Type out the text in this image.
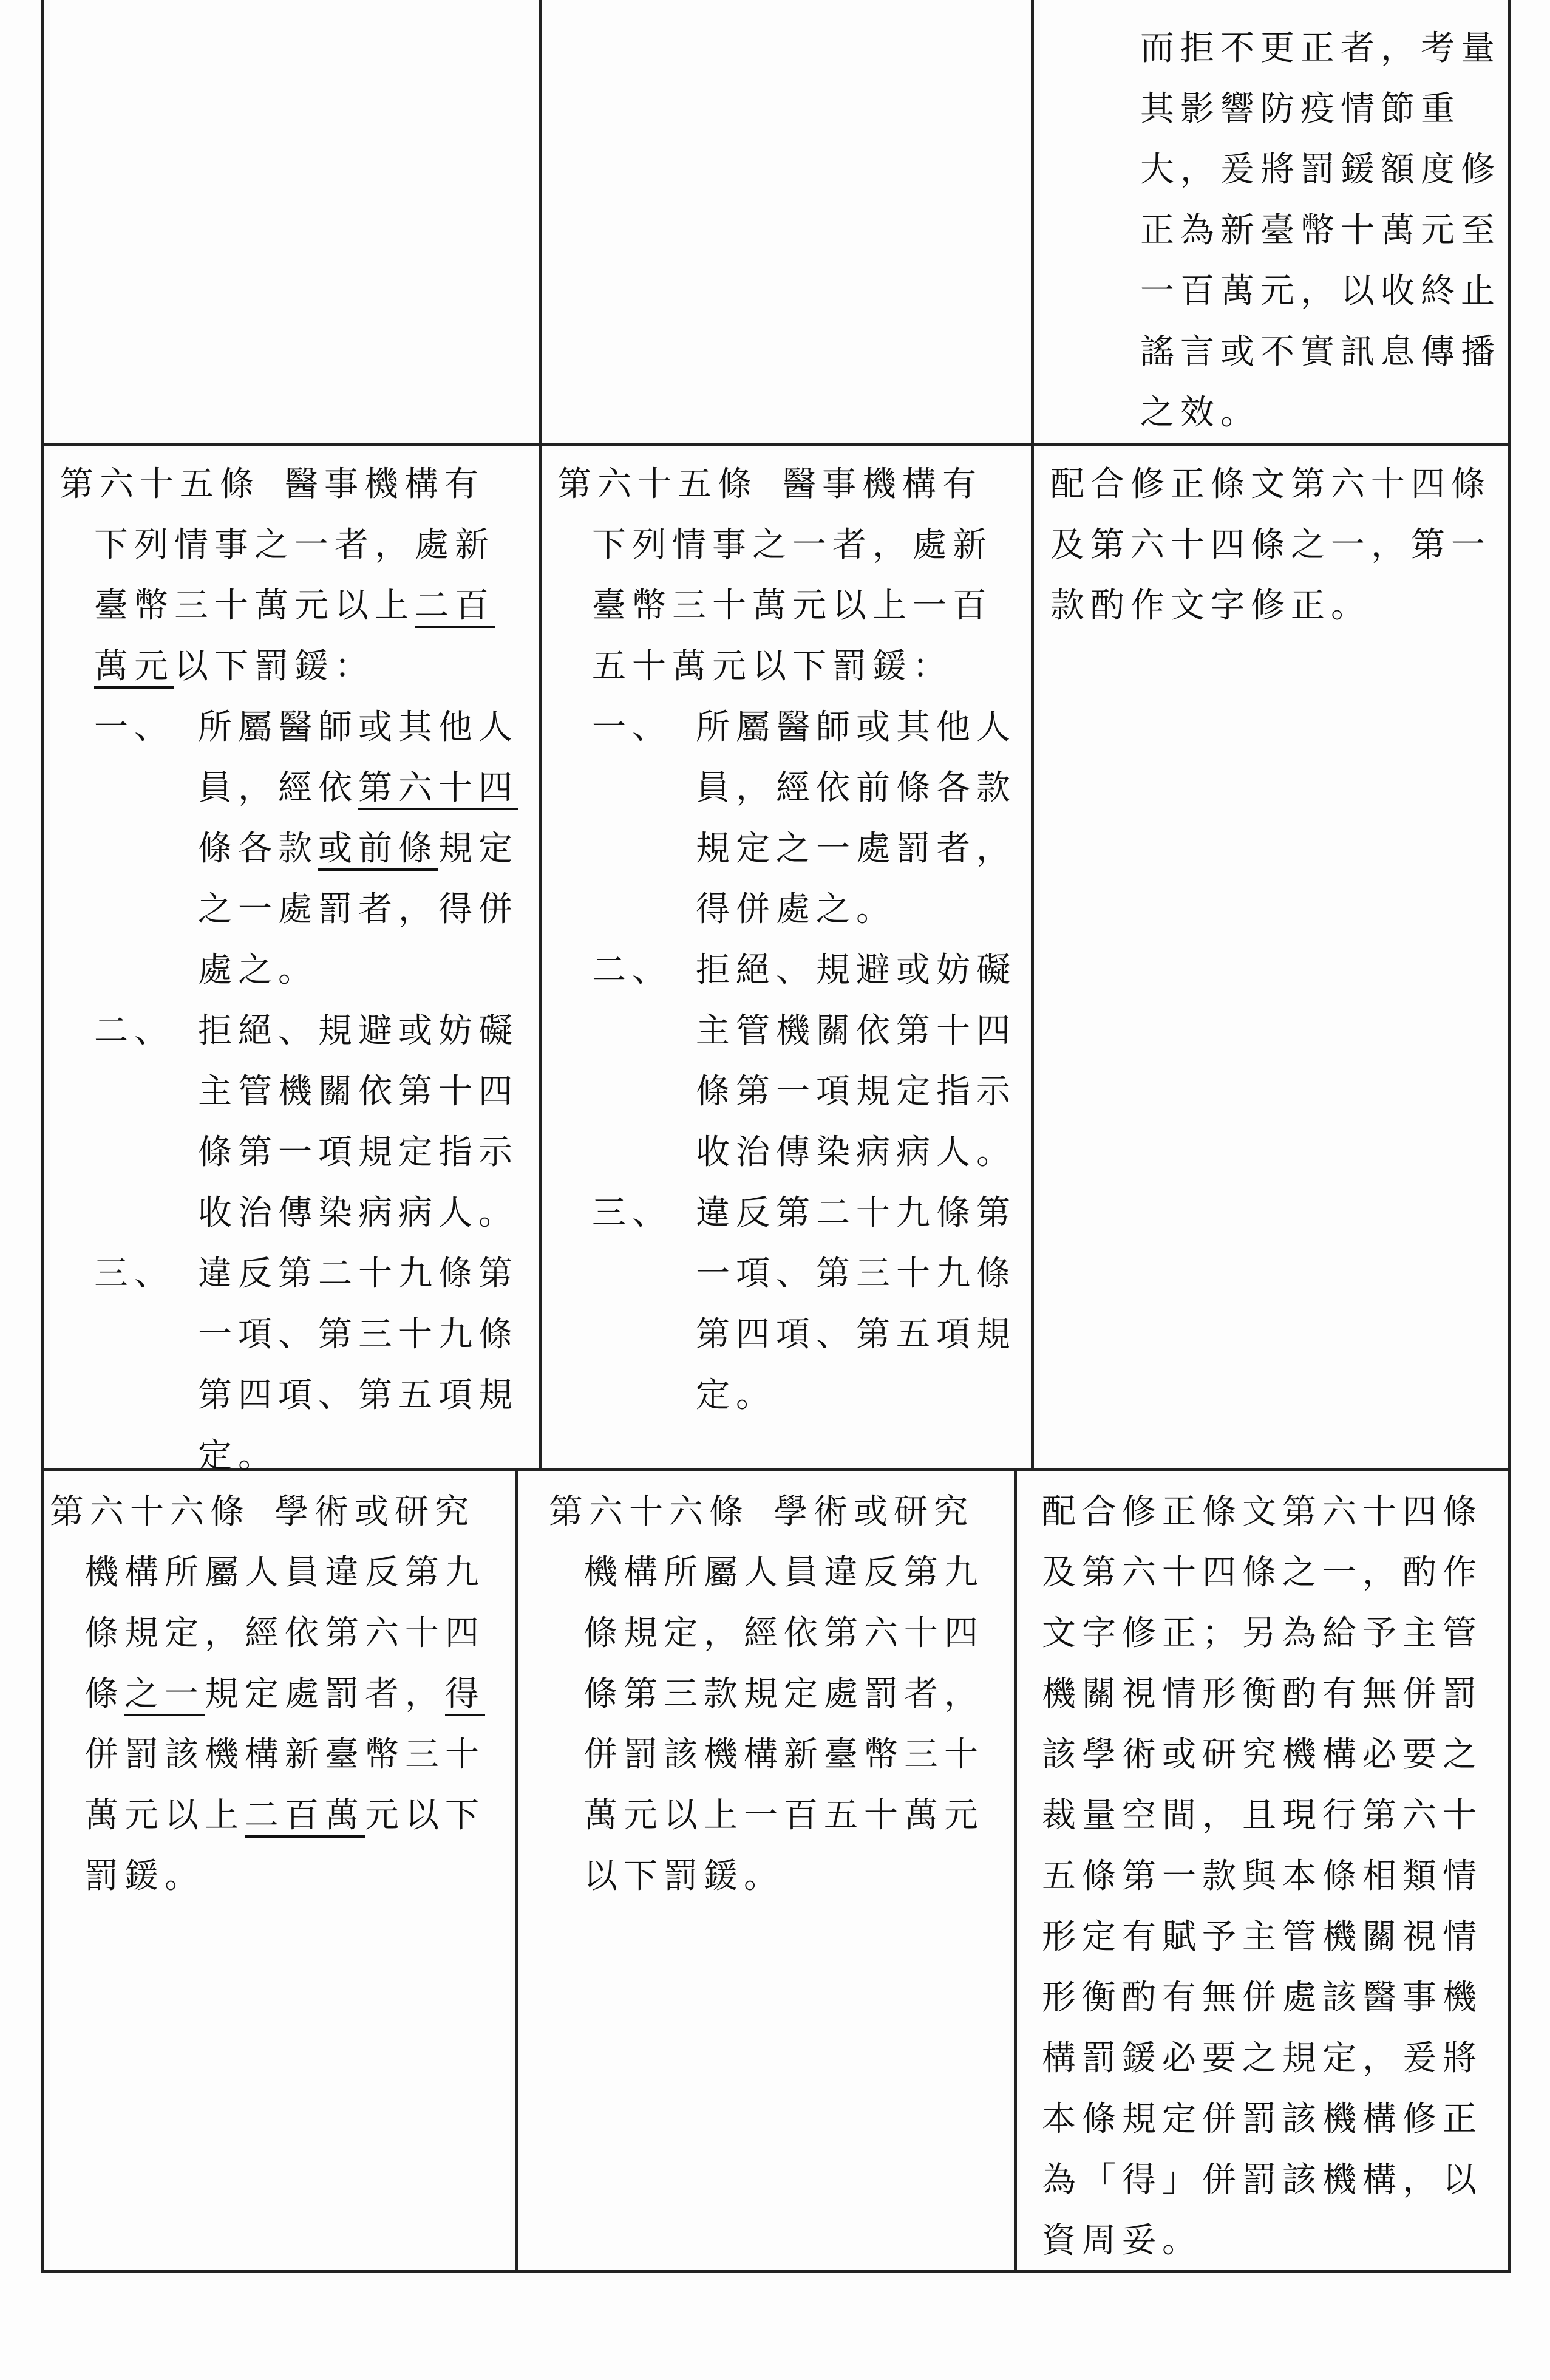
而拒不更正者，考量
其影響防疫情節重
大，爰將罰鍰額度修
正為新臺幣十萬元至
一百萬元，以收終止
謠言或不實訊息傳播
之效。
第六十五條 醫事機構有
下列情事之一者，處新
臺幣三十萬元以上二百
萬元以下罰鍰：
一、 所屬醫師或其他人
員，經依第六十四
條各款或前條規定
之一處罰者，得併
處之。
二、 拒絕、規避或妨礙
主管機關依第十四
條第一項規定指示
收治傳染病病人。
三、 違反第二十九條第
一項、第三十九條
第四項、第五項規
定。
第六十五條 醫事機構有
下列情事之一者，處新
臺幣三十萬元以上一百
五十萬元以下罰鍰：
一、 所屬醫師或其他人
員，經依前條各款
規定之一處罰者，
得併處之。
二、 拒絕、規避或妨礙
主管機關依第十四
條第一項規定指示
收治傳染病病人。
三、 違反第二十九條第
一項、第三十九條
第四項、第五項規
定。
配合修正條文第六十四條
及第六十四條之一，第一
款酌作文字修正。
第六十六條 學術或研究
機構所屬人員違反第九
條規定，經依第六十四
條之一規定處罰者，得
併罰該機構新臺幣三十
萬元以上二百萬元以下
罰鍰。
第六十六條 學術或研究
機構所屬人員違反第九
條規定，經依第六十四
條第三款規定處罰者，
併罰該機構新臺幣三十
萬元以上一百五十萬元
以下罰鍰。
配合修正條文第六十四條
及第六十四條之一，酌作
文字修正；另為給予主管
機關視情形衡酌有無併罰
該學術或研究機構必要之
裁量空間，且現行第六十
五條第一款與本條相類情
形定有賦予主管機關視情
形衡酌有無併處該醫事機
構罰鍰必要之規定，爰將
本條規定併罰該機構修正
為「得」併罰該機構，以
資周妥。
